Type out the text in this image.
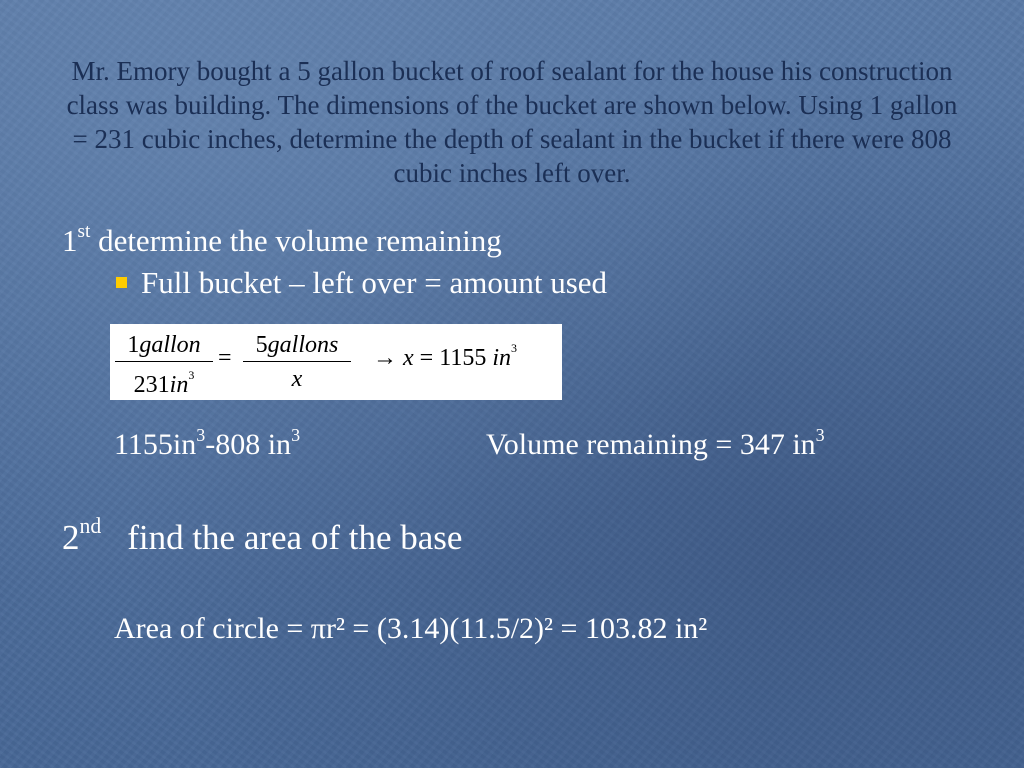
Mr. Emory bought a 5 gallon bucket of roof sealant for the house his construction class was building. The dimensions of the bucket are shown below. Using 1 gallon = 231 cubic inches, determine the depth of sealant in the bucket if there were 808 cubic inches left over.
1st determine the volume remaining
Full bucket – left over = amount used
1gallon
$231in^3$
=	5gallons
x
→ x = 1155 $in^3$
$1155in^3-808$ $in^3$	Volume remaining = 347 $in^3$
2nd find the area of the base
Area of circle = πr² = (3.14)(11.5/2)² = 103.82 in²
